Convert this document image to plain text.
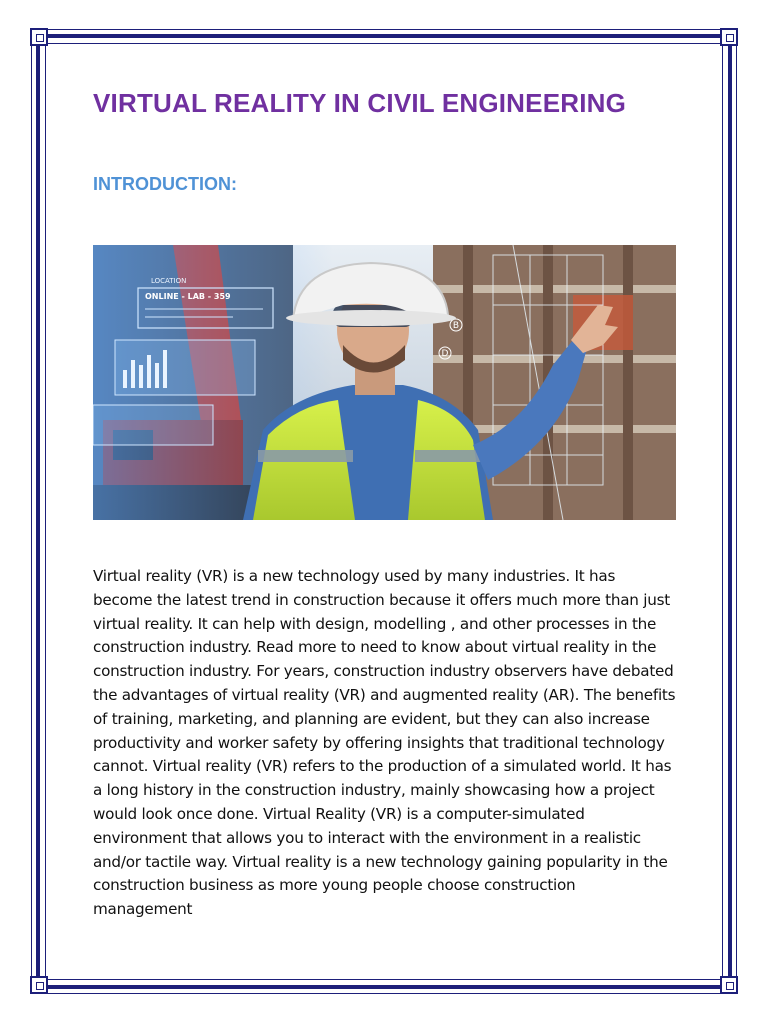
VIRTUAL REALITY IN CIVIL ENGINEERING
INTRODUCTION:
LOCATION
ONLINE - LAB - 359
B
D

Virtual reality (VR) is a new technology used by many industries. It has become the latest trend in construction because it offers much more than just virtual reality. It can help with design, modelling , and other processes in the construction industry. Read more to need to know about virtual reality in the construction industry. For years, construction industry observers have debated the advantages of virtual reality (VR) and augmented reality (AR). The benefits of training, marketing, and planning are evident, but they can also increase productivity and worker safety by offering insights that traditional technology cannot. Virtual reality (VR) refers to the production of a simulated world. It has a long history in the construction industry, mainly showcasing how a project would look once done. Virtual Reality (VR) is a computer-simulated environment that allows you to interact with the environment in a realistic and/or tactile way. Virtual reality is a new technology gaining popularity in the construction business as more young people choose construction management
